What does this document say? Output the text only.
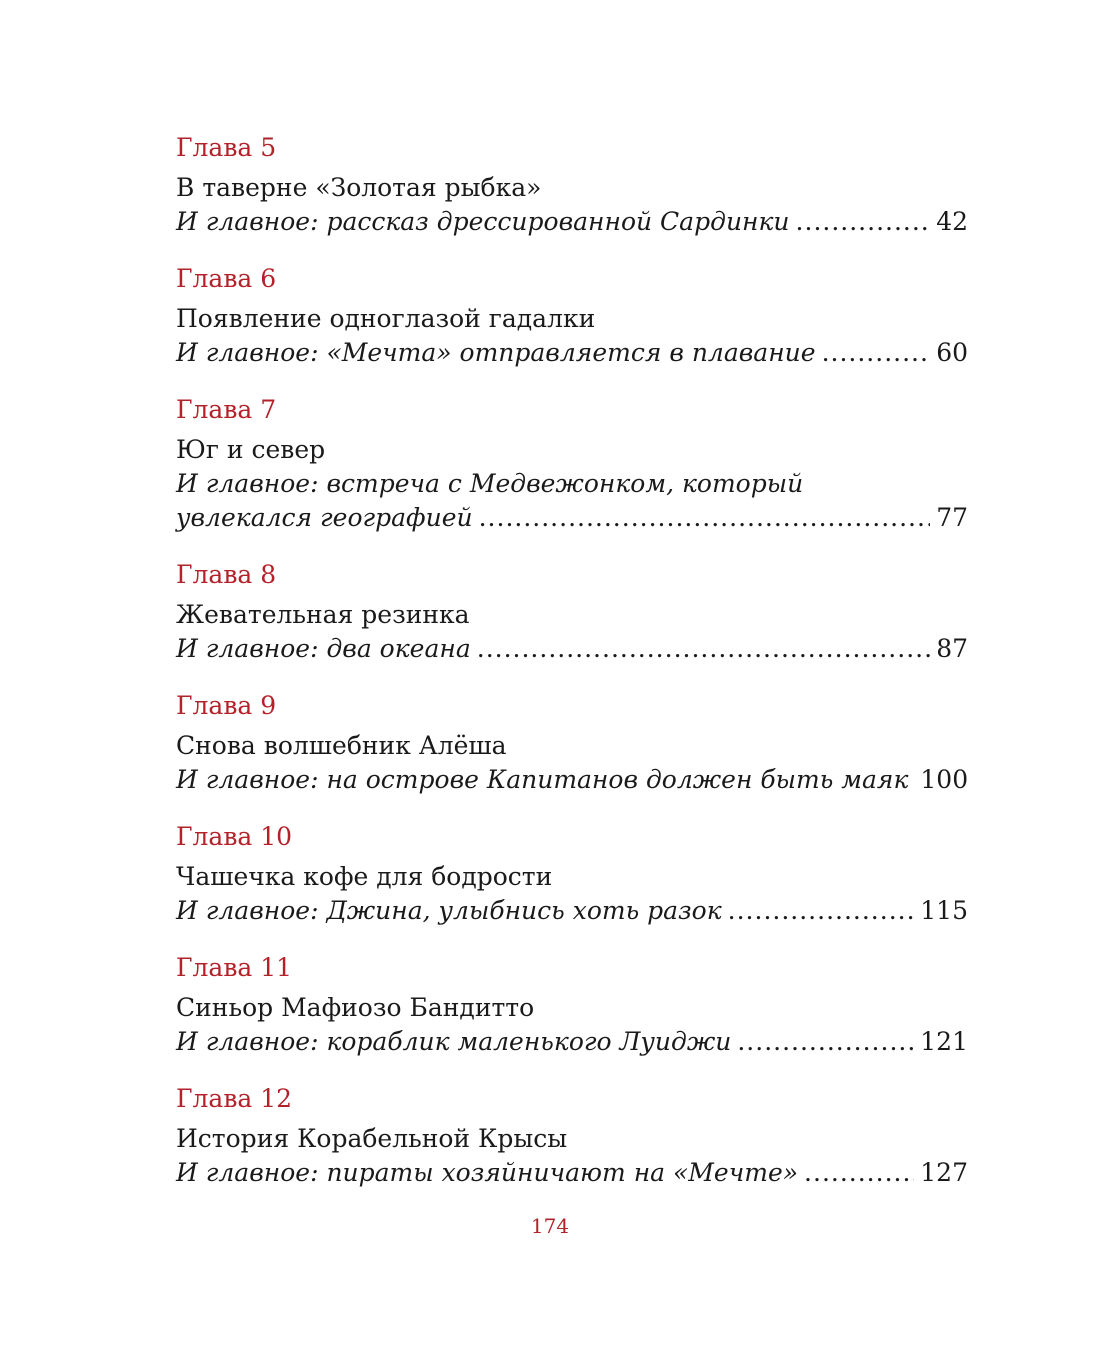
Глава 5
В таверне «Золотая рыбка»
И главное: рассказ дрессированной Сардинки .....	42
Глава 6
Появление одноглазой гадалки
И главное: «Мечта» отправляется в плавание .....	60
Глава 7
Юг и север
И главное: встреча с Медвежонком, который
увлекался географией .....	77
Глава 8
Жевательная резинка
И главное: два океана .....	87
Глава 9
Снова волшебник Алёша
И главное: на острове Капитанов должен быть маяк 100
Глава 10
Чашечка кофе для бодрости
И главное: Джина, улыбнись хоть разок .....	115
Глава 11
Синьор Мафиозо Бандитто
И главное: кораблик маленького Луиджи .....	121
Глава 12
История Корабельной Крысы
И главное: пираты хозяйничают на «Мечте» .....	127
174
